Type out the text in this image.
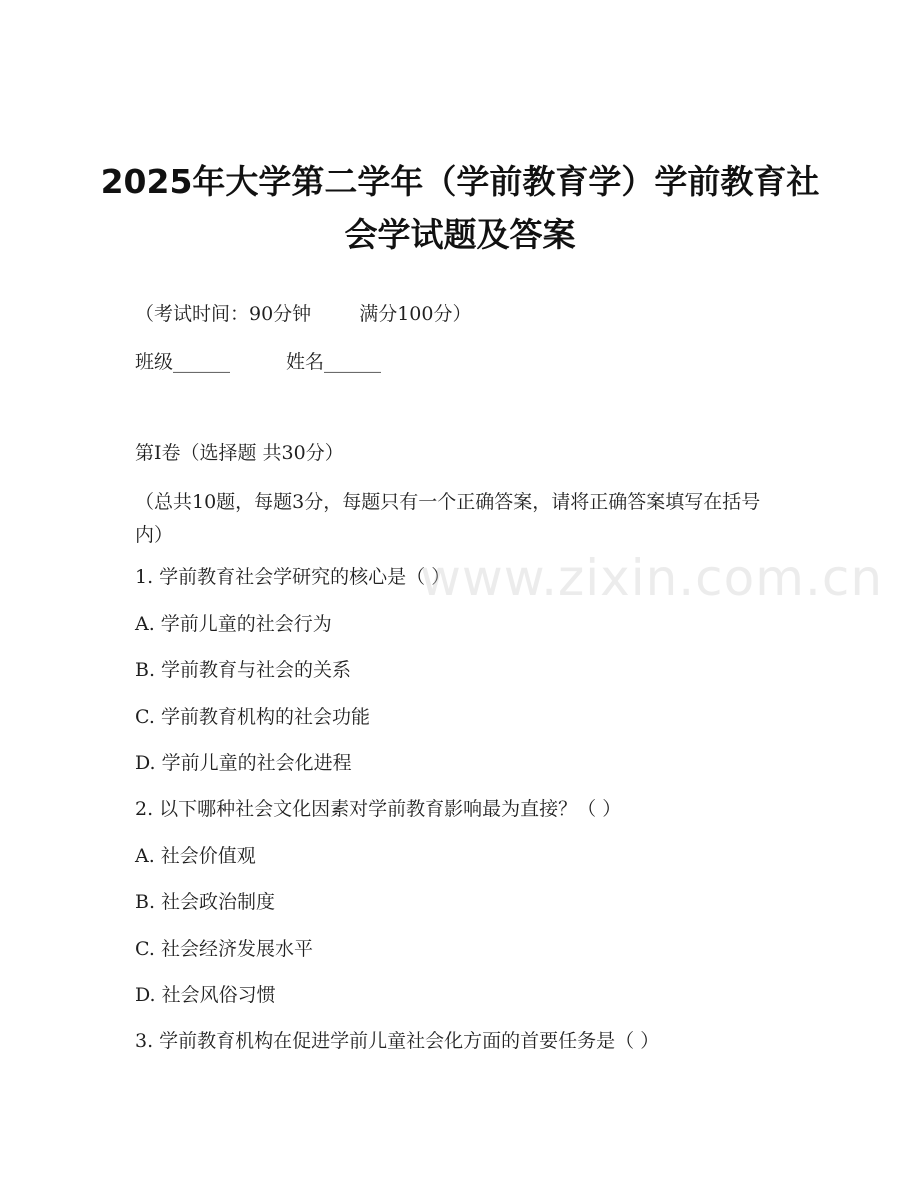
2025年大学第二学年（学前教育学）学前教育社会学试题及答案
（考试时间：90分钟	满分100分）
班级______	姓名______
第Ⅰ卷（选择题 共30分）
（总共10题，每题3分，每题只有一个正确答案，请将正确答案填写在括号内）
1. 学前教育社会学研究的核心是（ ）
A. 学前儿童的社会行为
B. 学前教育与社会的关系
C. 学前教育机构的社会功能
D. 学前儿童的社会化进程
2. 以下哪种社会文化因素对学前教育影响最为直接？（ ）
A. 社会价值观
B. 社会政治制度
C. 社会经济发展水平
D. 社会风俗习惯
3. 学前教育机构在促进学前儿童社会化方面的首要任务是（ ）
www.zixin.com.cn
